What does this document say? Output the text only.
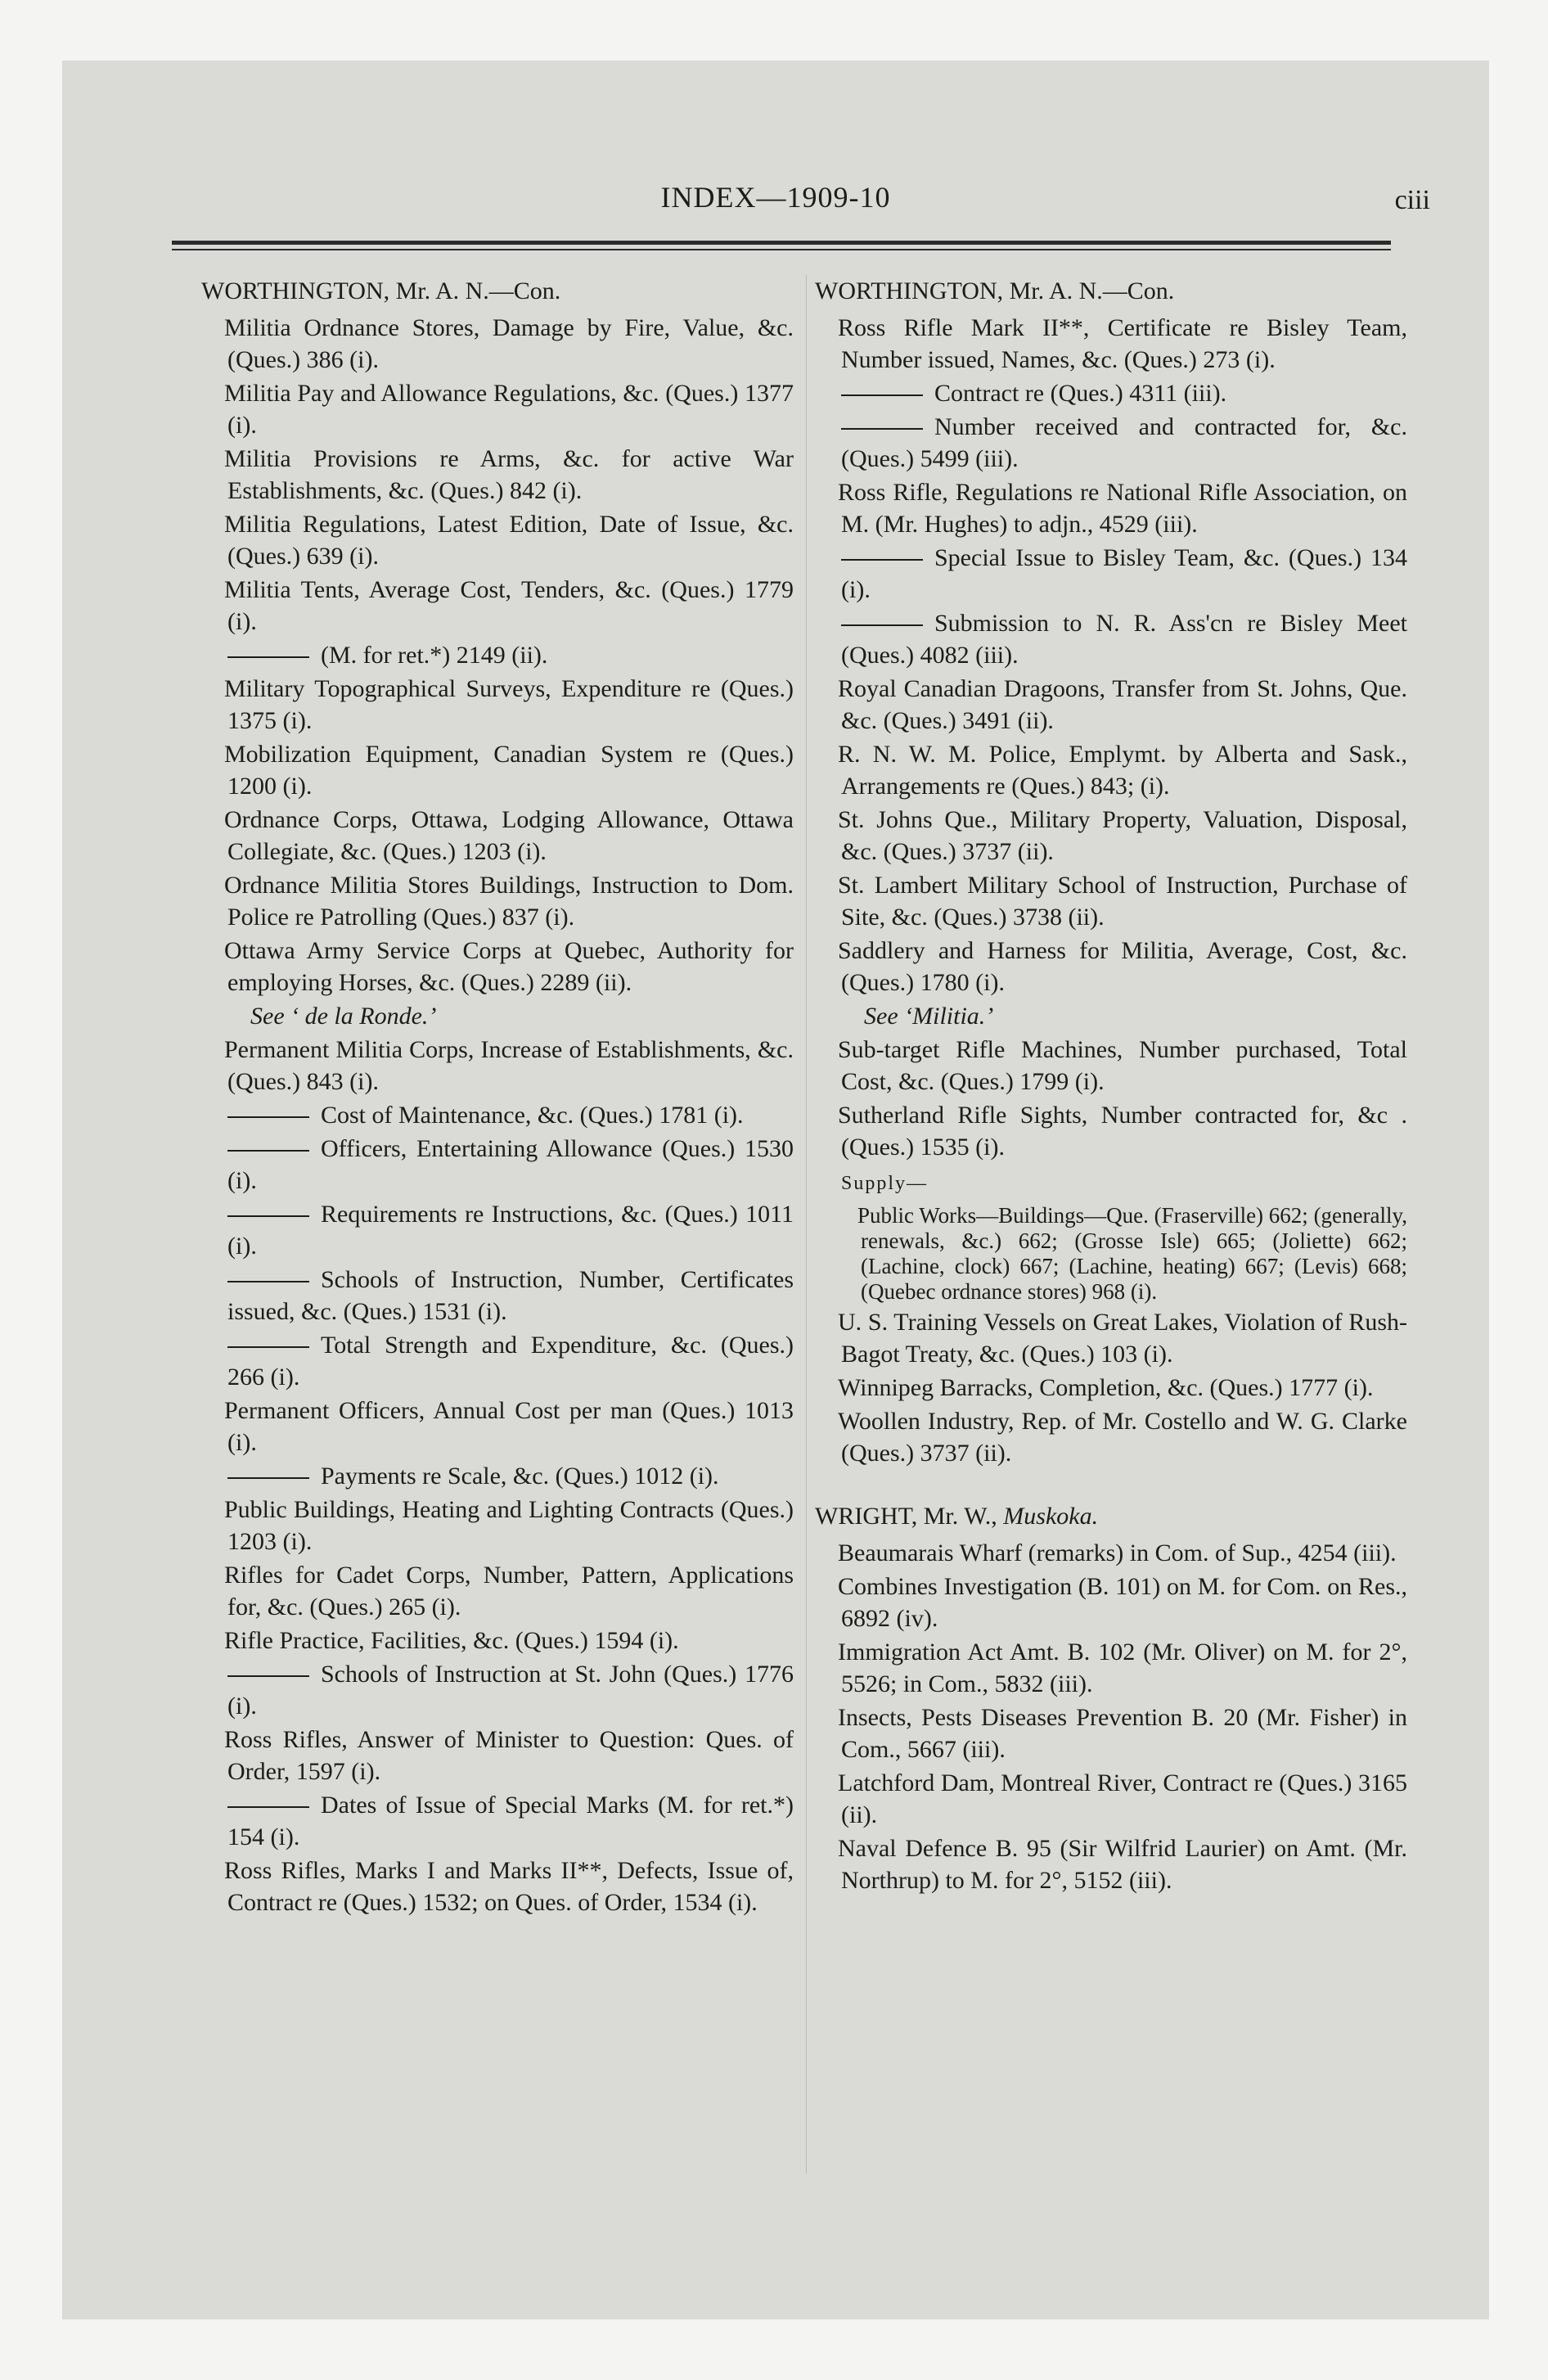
INDEX—1909-10	ciii
WORTHINGTON, Mr. A. N.—Con.
Militia Ordnance Stores, Damage by Fire, Value, &c. (Ques.) 386 (i).
Militia Pay and Allowance Regulations, &c. (Ques.) 1377 (i).
Militia Provisions re Arms, &c. for active War Establishments, &c. (Ques.) 842 (i).
Militia Regulations, Latest Edition, Date of Issue, &c. (Ques.) 639 (i).
Militia Tents, Average Cost, Tenders, &c. (Ques.) 1779 (i).
(M. for ret.*) 2149 (ii).
Military Topographical Surveys, Expenditure re (Ques.) 1375 (i).
Mobilization Equipment, Canadian System re (Ques.) 1200 (i).
Ordnance Corps, Ottawa, Lodging Allowance, Ottawa Collegiate, &c. (Ques.) 1203 (i).
Ordnance Militia Stores Buildings, Instruction to Dom. Police re Patrolling (Ques.) 837 (i).
Ottawa Army Service Corps at Quebec, Authority for employing Horses, &c. (Ques.) 2289 (ii).
See ‘ de la Ronde.’
Permanent Militia Corps, Increase of Establishments, &c. (Ques.) 843 (i).
Cost of Maintenance, &c. (Ques.) 1781 (i).
Officers, Entertaining Allowance (Ques.) 1530 (i).
Requirements re Instructions, &c. (Ques.) 1011 (i).
Schools of Instruction, Number, Certificates issued, &c. (Ques.) 1531 (i).
Total Strength and Expenditure, &c. (Ques.) 266 (i).
Permanent Officers, Annual Cost per man (Ques.) 1013 (i).
Payments re Scale, &c. (Ques.) 1012 (i).
Public Buildings, Heating and Lighting Contracts (Ques.) 1203 (i).
Rifles for Cadet Corps, Number, Pattern, Applications for, &c. (Ques.) 265 (i).
Rifle Practice, Facilities, &c. (Ques.) 1594 (i).
Schools of Instruction at St. John (Ques.) 1776 (i).
Ross Rifles, Answer of Minister to Question: Ques. of Order, 1597 (i).
Dates of Issue of Special Marks (M. for ret.*) 154 (i).
Ross Rifles, Marks I and Marks II**, Defects, Issue of, Contract re (Ques.) 1532; on Ques. of Order, 1534 (i).
WORTHINGTON, Mr. A. N.—Con.
Ross Rifle Mark II**, Certificate re Bisley Team, Number issued, Names, &c. (Ques.) 273 (i).
Contract re (Ques.) 4311 (iii).
Number received and contracted for, &c. (Ques.) 5499 (iii).
Ross Rifle, Regulations re National Rifle Association, on M. (Mr. Hughes) to adjn., 4529 (iii).
Special Issue to Bisley Team, &c. (Ques.) 134 (i).
Submission to N. R. Ass'cn re Bisley Meet (Ques.) 4082 (iii).
Royal Canadian Dragoons, Transfer from St. Johns, Que. &c. (Ques.) 3491 (ii).
R. N. W. M. Police, Emplymt. by Alberta and Sask., Arrangements re (Ques.) 843; (i).
St. Johns Que., Military Property, Valuation, Disposal, &c. (Ques.) 3737 (ii).
St. Lambert Military School of Instruction, Purchase of Site, &c. (Ques.) 3738 (ii).
Saddlery and Harness for Militia, Average, Cost, &c. (Ques.) 1780 (i).
See ‘Militia.’
Sub-target Rifle Machines, Number purchased, Total Cost, &c. (Ques.) 1799 (i).
Sutherland Rifle Sights, Number contracted for, &c .(Ques.) 1535 (i).
Supply—
Public Works—Buildings—Que. (Fraserville) 662; (generally, renewals, &c.) 662; (Grosse Isle) 665; (Joliette) 662; (Lachine, clock) 667; (Lachine, heating) 667; (Levis) 668; (Quebec ordnance stores) 968 (i).
U. S. Training Vessels on Great Lakes, Violation of Rush-Bagot Treaty, &c. (Ques.) 103 (i).
Winnipeg Barracks, Completion, &c. (Ques.) 1777 (i).
Woollen Industry, Rep. of Mr. Costello and W. G. Clarke (Ques.) 3737 (ii).
WRIGHT, Mr. W., Muskoka.
Beaumarais Wharf (remarks) in Com. of Sup., 4254 (iii).
Combines Investigation (B. 101) on M. for Com. on Res., 6892 (iv).
Immigration Act Amt. B. 102 (Mr. Oliver) on M. for 2°, 5526; in Com., 5832 (iii).
Insects, Pests Diseases Prevention B. 20 (Mr. Fisher) in Com., 5667 (iii).
Latchford Dam, Montreal River, Contract re (Ques.) 3165 (ii).
Naval Defence B. 95 (Sir Wilfrid Laurier) on Amt. (Mr. Northrup) to M. for 2°, 5152 (iii).
